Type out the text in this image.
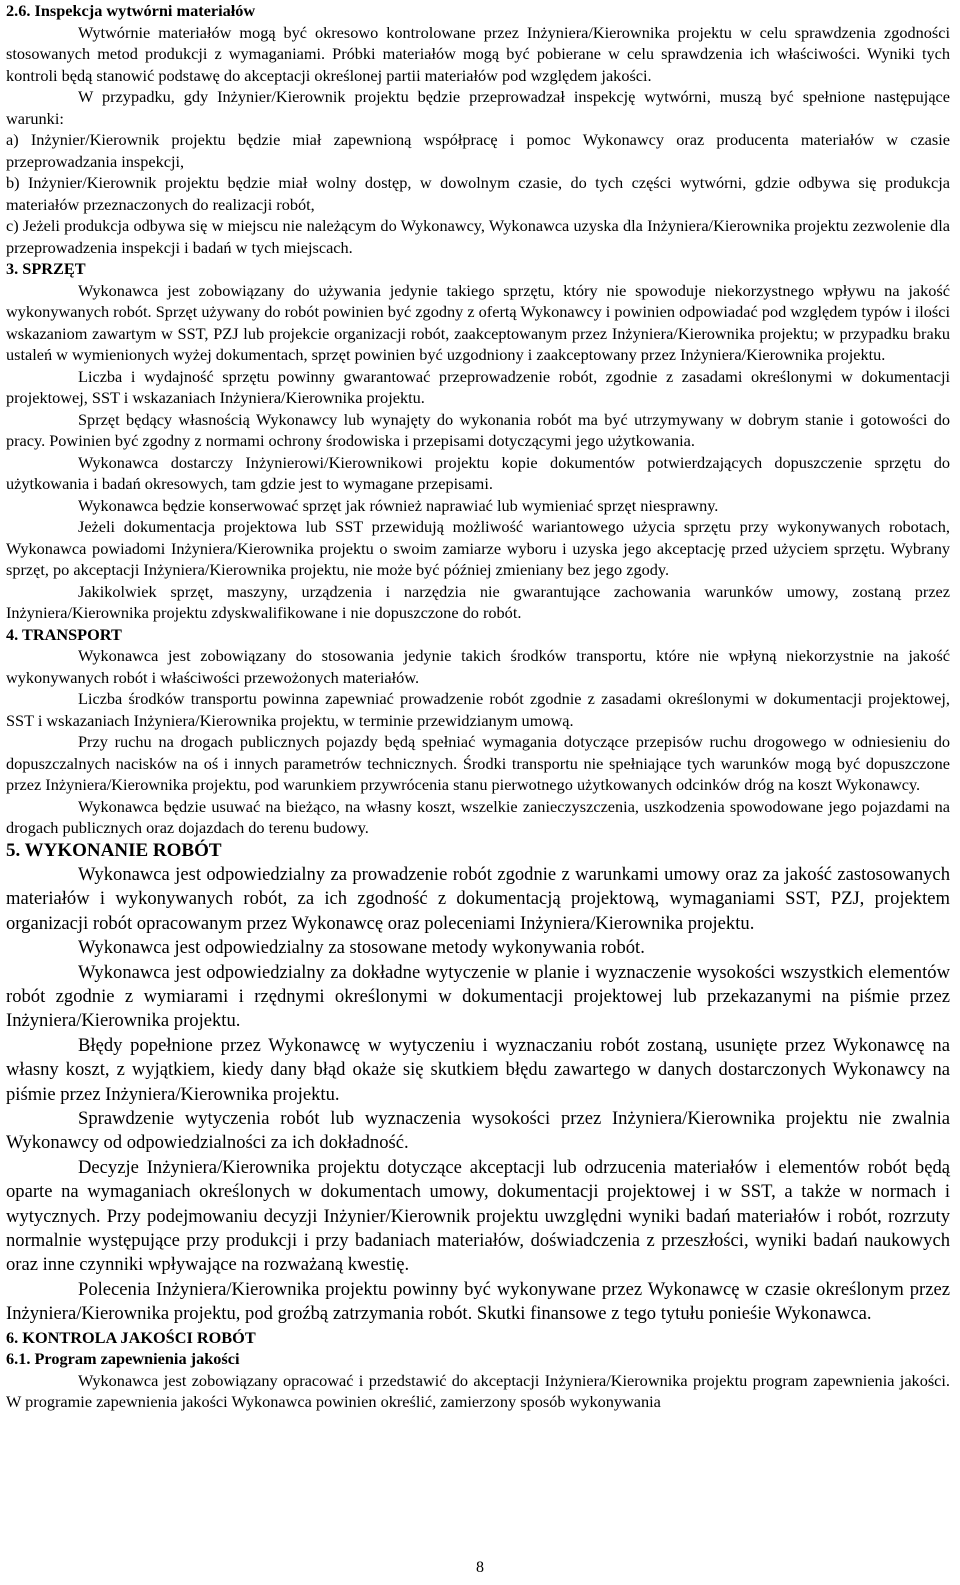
2.6. Inspekcja wytwórni materiałów

Wytwórnie materiałów mogą być okresowo kontrolowane przez Inżyniera/Kierownika projektu w celu sprawdzenia zgodności stosowanych metod produkcji z wymaganiami. Próbki materiałów mogą być pobierane w celu sprawdzenia ich właściwości. Wyniki tych kontroli będą stanowić podstawę do akceptacji określonej partii materiałów pod względem jakości.

W przypadku, gdy Inżynier/Kierownik projektu będzie przeprowadzał inspekcję wytwórni, muszą być spełnione następujące warunki:

a) Inżynier/Kierownik projektu będzie miał zapewnioną współpracę i pomoc Wykonawcy oraz producenta materiałów w czasie przeprowadzania inspekcji,

b) Inżynier/Kierownik projektu będzie miał wolny dostęp, w dowolnym czasie, do tych części wytwórni, gdzie odbywa się produkcja materiałów przeznaczonych do realizacji robót,

c) Jeżeli produkcja odbywa się w miejscu nie należącym do Wykonawcy, Wykonawca uzyska dla Inżyniera/Kierownika projektu zezwolenie dla przeprowadzenia inspekcji i badań w tych miejscach.

3. SPRZĘT

Wykonawca jest zobowiązany do używania jedynie takiego sprzętu, który nie spowoduje niekorzystnego wpływu na jakość wykonywanych robót. Sprzęt używany do robót powinien być zgodny z ofertą Wykonawcy i powinien odpowiadać pod względem typów i ilości wskazaniom zawartym w SST, PZJ lub projekcie organizacji robót, zaakceptowanym przez Inżyniera/Kierownika projektu; w przypadku braku ustaleń w wymienionych wyżej dokumentach, sprzęt powinien być uzgodniony i zaakceptowany przez Inżyniera/Kierownika projektu.

Liczba i wydajność sprzętu powinny gwarantować przeprowadzenie robót, zgodnie z zasadami określonymi w dokumentacji projektowej, SST i wskazaniach Inżyniera/Kierownika projektu.

Sprzęt będący własnością Wykonawcy lub wynajęty do wykonania robót ma być utrzymywany w dobrym stanie i gotowości do pracy. Powinien być zgodny z normami ochrony środowiska i przepisami dotyczącymi jego użytkowania.

Wykonawca dostarczy Inżynierowi/Kierownikowi projektu kopie dokumentów potwierdzających dopuszczenie sprzętu do użytkowania i badań okresowych, tam gdzie jest to wymagane przepisami.

Wykonawca będzie konserwować sprzęt jak również naprawiać lub wymieniać sprzęt niesprawny.

Jeżeli dokumentacja projektowa lub SST przewidują możliwość wariantowego użycia sprzętu przy wykonywanych robotach, Wykonawca powiadomi Inżyniera/Kierownika projektu o swoim zamiarze wyboru i uzyska jego akceptację przed użyciem sprzętu. Wybrany sprzęt, po akceptacji Inżyniera/Kierownika projektu, nie może być później zmieniany bez jego zgody.

Jakikolwiek sprzęt, maszyny, urządzenia i narzędzia nie gwarantujące zachowania warunków umowy, zostaną przez Inżyniera/Kierownika projektu zdyskwalifikowane i nie dopuszczone do robót.

4. TRANSPORT

Wykonawca jest zobowiązany do stosowania jedynie takich środków transportu, które nie wpłyną niekorzystnie na jakość wykonywanych robót i właściwości przewożonych materiałów.

Liczba środków transportu powinna zapewniać prowadzenie robót zgodnie z zasadami określonymi w dokumentacji projektowej, SST i wskazaniach Inżyniera/Kierownika projektu, w terminie przewidzianym umową.

Przy ruchu na drogach publicznych pojazdy będą spełniać wymagania dotyczące przepisów ruchu drogowego w odniesieniu do dopuszczalnych nacisków na oś i innych parametrów technicznych. Środki transportu nie spełniające tych warunków mogą być dopuszczone przez Inżyniera/Kierownika projektu, pod warunkiem przywrócenia stanu pierwotnego użytkowanych odcinków dróg na koszt Wykonawcy.

Wykonawca będzie usuwać na bieżąco, na własny koszt, wszelkie zanieczyszczenia, uszkodzenia spowodowane jego pojazdami na drogach publicznych oraz dojazdach do terenu budowy.

5. WYKONANIE ROBÓT

Wykonawca jest odpowiedzialny za prowadzenie robót zgodnie z warunkami umowy oraz za jakość zastosowanych materiałów i wykonywanych robót, za ich zgodność z dokumentacją projektową, wymaganiami SST, PZJ, projektem organizacji robót opracowanym przez Wykonawcę oraz poleceniami Inżyniera/Kierownika projektu.

Wykonawca jest odpowiedzialny za stosowane metody wykonywania robót.

Wykonawca jest odpowiedzialny za dokładne wytyczenie w planie i wyznaczenie wysokości wszystkich elementów robót zgodnie z wymiarami i rzędnymi określonymi w dokumentacji projektowej lub przekazanymi na piśmie przez Inżyniera/Kierownika projektu.

Błędy popełnione przez Wykonawcę w wytyczeniu i wyznaczaniu robót zostaną, usunięte przez Wykonawcę na własny koszt, z wyjątkiem, kiedy dany błąd okaże się skutkiem błędu zawartego w danych dostarczonych Wykonawcy na piśmie przez Inżyniera/Kierownika projektu.

Sprawdzenie wytyczenia robót lub wyznaczenia wysokości przez Inżyniera/Kierownika projektu nie zwalnia Wykonawcy od odpowiedzialności za ich dokładność.

Decyzje Inżyniera/Kierownika projektu dotyczące akceptacji lub odrzucenia materiałów i elementów robót będą oparte na wymaganiach określonych w dokumentach umowy, dokumentacji projektowej i w SST, a także w normach i wytycznych. Przy podejmowaniu decyzji Inżynier/Kierownik projektu uwzględni wyniki badań materiałów i robót, rozrzuty normalnie występujące przy produkcji i przy badaniach materiałów, doświadczenia z przeszłości, wyniki badań naukowych oraz inne czynniki wpływające na rozważaną kwestię.

Polecenia Inżyniera/Kierownika projektu powinny być wykonywane przez Wykonawcę w czasie określonym przez Inżyniera/Kierownika projektu, pod groźbą zatrzymania robót. Skutki finansowe z tego tytułu ponieśie Wykonawca.

6. KONTROLA JAKOŚCI ROBÓT
6.1. Program zapewnienia jakości

Wykonawca jest zobowiązany opracować i przedstawić do akceptacji Inżyniera/Kierownika projektu program zapewnienia jakości. W programie zapewnienia jakości Wykonawca powinien określić, zamierzony sposób wykonywania

8
